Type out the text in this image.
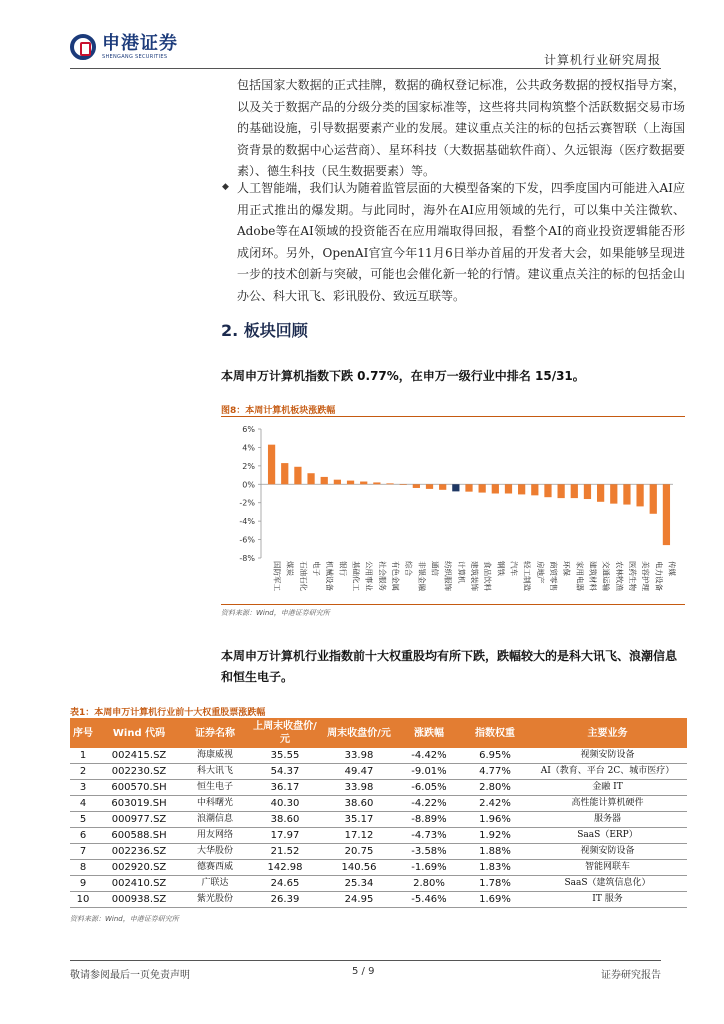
申港证券
SHENGANG SECURITIES	计算机行业研究周报
包括国家大数据的正式挂牌，数据的确权登记标准，公共政务数据的授权指导方案，以及关于数据产品的分级分类的国家标准等，这些将共同构筑整个活跃数据交易市场的基础设施，引导数据要素产业的发展。建议重点关注的标的包括云赛智联（上海国资背景的数据中心运营商）、星环科技（大数据基础软件商）、久远银海（医疗数据要素）、德生科技（民生数据要素）等。
◆ 人工智能端，我们认为随着监管层面的大模型备案的下发，四季度国内可能进入AI应用正式推出的爆发期。与此同时，海外在AI应用领域的先行，可以集中关注微软、Adobe等在AI领域的投资能否在应用端取得回报，看整个AI的商业投资逻辑能否形成闭环。另外，OpenAI官宣今年11月6日举办首届的开发者大会，如果能够呈现进一步的技术创新与突破，可能也会催化新一轮的行情。建议重点关注的标的包括金山办公、科大讯飞、彩讯股份、致远互联等。
2. 板块回顾
本周申万计算机指数下跌 0.77%，在申万一级行业中排名 15/31。
图8：本周计算机板块涨跌幅
6%
4%
2%
0%
-2%
-4%
-6%
-8%
国防军工 煤炭 石油石化 电子 机械设备 银行 基础化工 公用事业 社会服务 有色金属 综合 非银金融 通信 纺织服饰 计算机 建筑装饰 食品饮料 钢铁 汽车 轻工制造 房地产 商贸零售 环保 家用电器 建筑材料 交通运输 农林牧渔 医药生物 美容护理 电力设备 传媒
资料来源：Wind，申港证券研究所
本周申万计算机行业指数前十大权重股均有所下跌，跌幅较大的是科大讯飞、浪潮信息和恒生电子。
表1：本周申万计算机行业前十大权重股票涨跌幅
序号	Wind 代码	证券名称	上周末收盘价/元	周末收盘价/元	涨跌幅	指数权重	主要业务
1	002415.SZ	海康威视	35.55	33.98	-4.42%	6.95%	视频安防设备
2	002230.SZ	科大讯飞	54.37	49.47	-9.01%	4.77%	AI（教育、平台 2C、城市医疗）
3	600570.SH	恒生电子	36.17	33.98	-6.05%	2.80%	金融 IT
4	603019.SH	中科曙光	40.30	38.60	-4.22%	2.42%	高性能计算机硬件
5	000977.SZ	浪潮信息	38.60	35.17	-8.89%	1.96%	服务器
6	600588.SH	用友网络	17.97	17.12	-4.73%	1.92%	SaaS（ERP）
7	002236.SZ	大华股份	21.52	20.75	-3.58%	1.88%	视频安防设备
8	002920.SZ	德赛西威	142.98	140.56	-1.69%	1.83%	智能网联车
9	002410.SZ	广联达	24.65	25.34	2.80%	1.78%	SaaS（建筑信息化）
10	000938.SZ	紫光股份	26.39	24.95	-5.46%	1.69%	IT 服务
资料来源：Wind，申港证券研究所
敬请参阅最后一页免责声明	5 / 9	证券研究报告
